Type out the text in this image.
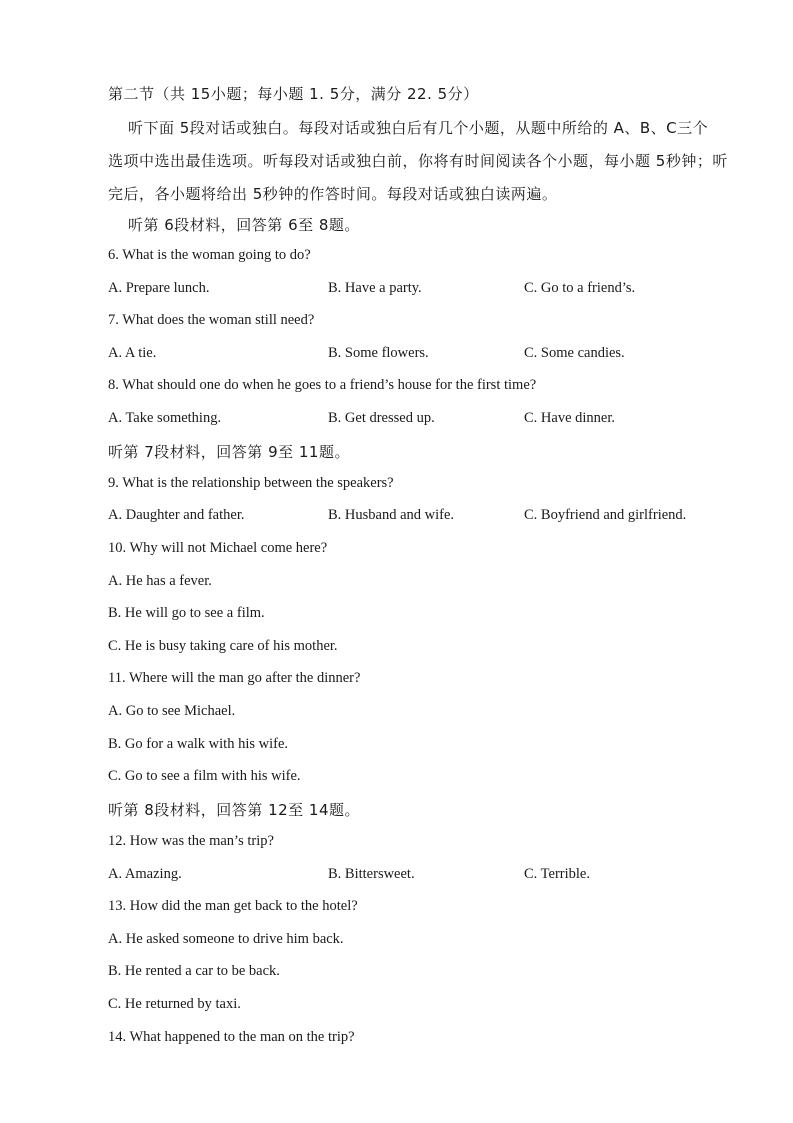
第二节（共 15小题；每小题 1. 5分，满分 22. 5分）
听下面 5段对话或独白。每段对话或独白后有几个小题，从题中所给的 A、B、C三个
选项中选出最佳选项。听每段对话或独白前，你将有时间阅读各个小题，每小题 5秒钟；听
完后，各小题将给出 5秒钟的作答时间。每段对话或独白读两遍。
听第 6段材料，回答第 6至 8题。
6. What is the woman going to do?
A. Prepare lunch.	B. Have a party.	C. Go to a friend’s.
7. What does the woman still need?
A. A tie.	B. Some flowers.	C. Some candies.
8. What should one do when he goes to a friend’s house for the first time?
A. Take something.	B. Get dressed up.	C. Have dinner.
听第 7段材料，回答第 9至 11题。
9. What is the relationship between the speakers?
A. Daughter and father.	B. Husband and wife.	C. Boyfriend and girlfriend.
10. Why will not Michael come here?
A. He has a fever.
B. He will go to see a film.
C. He is busy taking care of his mother.
11. Where will the man go after the dinner?
A. Go to see Michael.
B. Go for a walk with his wife.
C. Go to see a film with his wife.
听第 8段材料，回答第 12至 14题。
12. How was the man’s trip?
A. Amazing.	B. Bittersweet.	C. Terrible.
13. How did the man get back to the hotel?
A. He asked someone to drive him back.
B. He rented a car to be back.
C. He returned by taxi.
14. What happened to the man on the trip?
